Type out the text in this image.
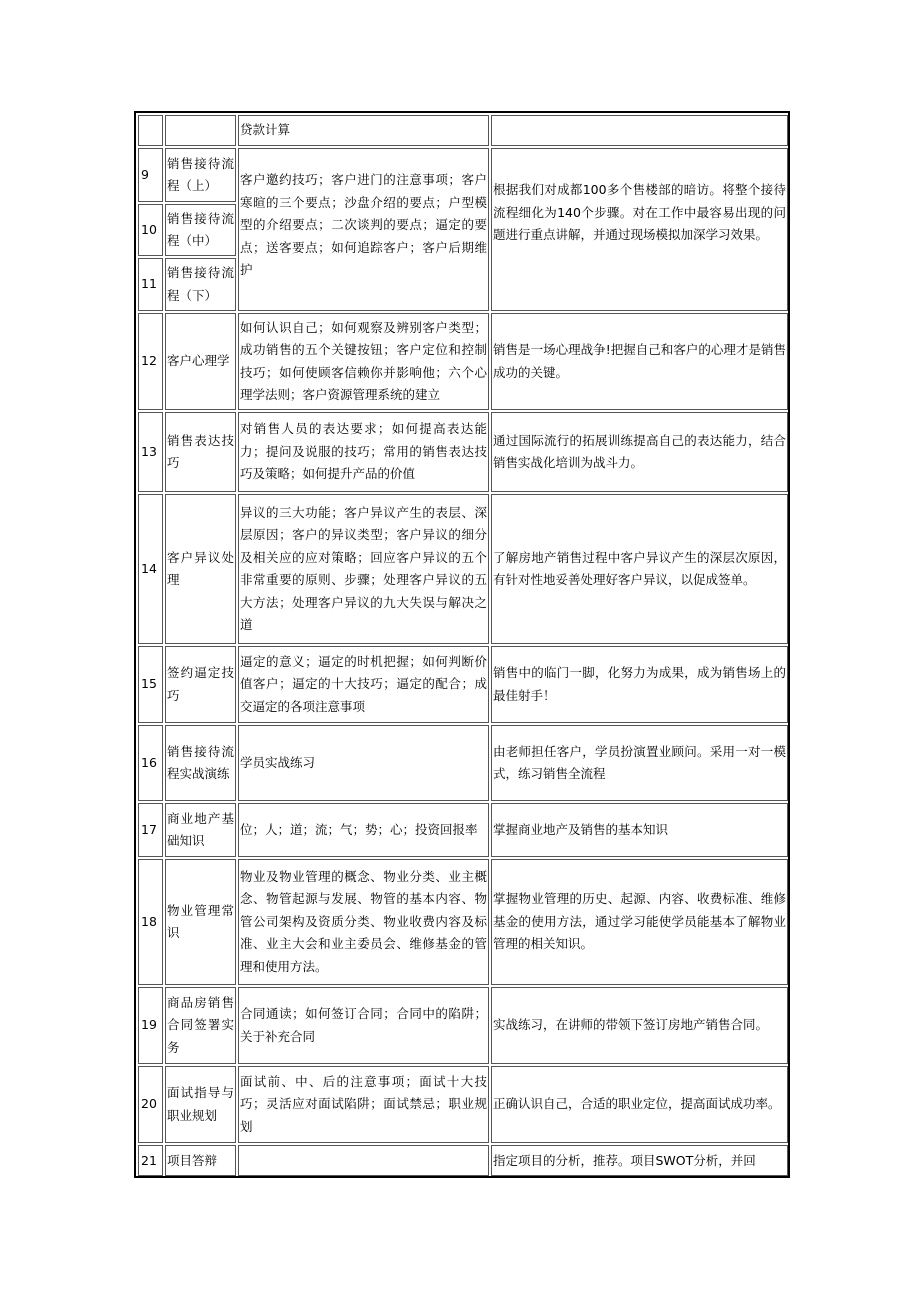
贷款计算
9
销售接待流程（上）
10
销售接待流程（中）
11
销售接待流程（下）
客户邀约技巧；客户进门的注意事项；客户寒暄的三个要点；沙盘介绍的要点；户型模型的介绍要点；二次谈判的要点；逼定的要点；送客要点；如何追踪客户；客户后期维护
根据我们对成都100多个售楼部的暗访。将整个接待流程细化为140个步骤。对在工作中最容易出现的问题进行重点讲解，并通过现场模拟加深学习效果。
12 客户心理学
如何认识自己；如何观察及辨别客户类型；成功销售的五个关键按钮；客户定位和控制技巧；如何使顾客信赖你并影响他；六个心理学法则；客户资源管理系统的建立
销售是一场心理战争!把握自己和客户的心理才是销售成功的关键。
13
销售表达技巧
对销售人员的表达要求；如何提高表达能力；提问及说服的技巧；常用的销售表达技巧及策略；如何提升产品的价值
通过国际流行的拓展训练提高自己的表达能力，结合销售实战化培训为战斗力。
14
客户异议处理
异议的三大功能；客户异议产生的表层、深层原因；客户的异议类型；客户异议的细分及相关应的应对策略；回应客户异议的五个非常重要的原则、步骤；处理客户异议的五大方法；处理客户异议的九大失误与解决之道
了解房地产销售过程中客户异议产生的深层次原因，有针对性地妥善处理好客户异议，以促成签单。
15
签约逼定技巧
逼定的意义；逼定的时机把握；如何判断价值客户；逼定的十大技巧；逼定的配合；成交逼定的各项注意事项
销售中的临门一脚，化努力为成果，成为销售场上的最佳射手！
16
销售接待流程实战演练
学员实战练习
由老师担任客户，学员扮演置业顾问。采用一对一模式，练习销售全流程
17
商业地产基础知识
位；人；道；流；气；势；心；投资回报率	掌握商业地产及销售的基本知识
18
物业管理常识
物业及物业管理的概念、物业分类、业主概念、物管起源与发展、物管的基本内容、物管公司架构及资质分类、物业收费内容及标准、业主大会和业主委员会、维修基金的管理和使用方法。
掌握物业管理的历史、起源、内容、收费标准、维修基金的使用方法，通过学习能使学员能基本了解物业管理的相关知识。
19
商品房销售合同签署实务
合同通读；如何签订合同；合同中的陷阱；关于补充合同
实战练习，在讲师的带领下签订房地产销售合同。
20
面试指导与职业规划
面试前、中、后的注意事项；面试十大技巧；灵活应对面试陷阱；面试禁忌；职业规划
正确认识自己，合适的职业定位，提高面试成功率。
21 项目答辩	指定项目的分析，推荐。项目SWOT分析，并回
